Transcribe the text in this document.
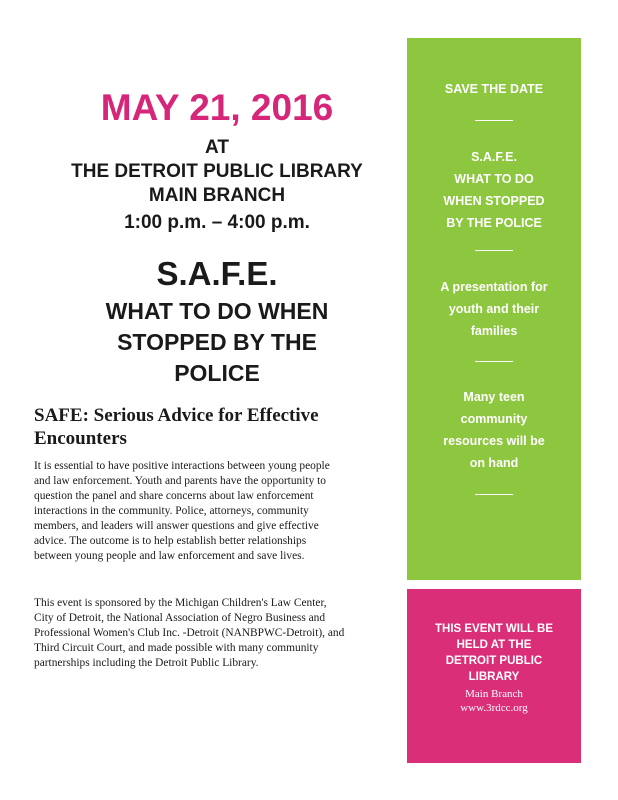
MAY 21, 2016
AT
THE DETROIT PUBLIC LIBRARY
MAIN BRANCH
1:00 p.m. – 4:00 p.m.
S.A.F.E.
WHAT TO DO WHEN
STOPPED BY THE
POLICE
SAFE: Serious Advice for Effective
Encounters
It is essential to have positive interactions between young people
and law enforcement. Youth and parents have the opportunity to
question the panel and share concerns about law enforcement
interactions in the community. Police, attorneys, community
members, and leaders will answer questions and give effective
advice. The outcome is to help establish better relationships
between young people and law enforcement and save lives.
This event is sponsored by the Michigan Children's Law Center,
City of Detroit, the National Association of Negro Business and
Professional Women's Club Inc. -Detroit (NANBPWC-Detroit), and
Third Circuit Court, and made possible with many community
partnerships including the Detroit Public Library.
SAVE THE DATE
S.A.F.E.
WHAT TO DO
WHEN STOPPED
BY THE POLICE
A presentation for
youth and their
families
Many teen
community
resources will be
on hand
THIS EVENT WILL BE
HELD AT THE
DETROIT PUBLIC
LIBRARY
Main Branch
www.3rdcc.org
